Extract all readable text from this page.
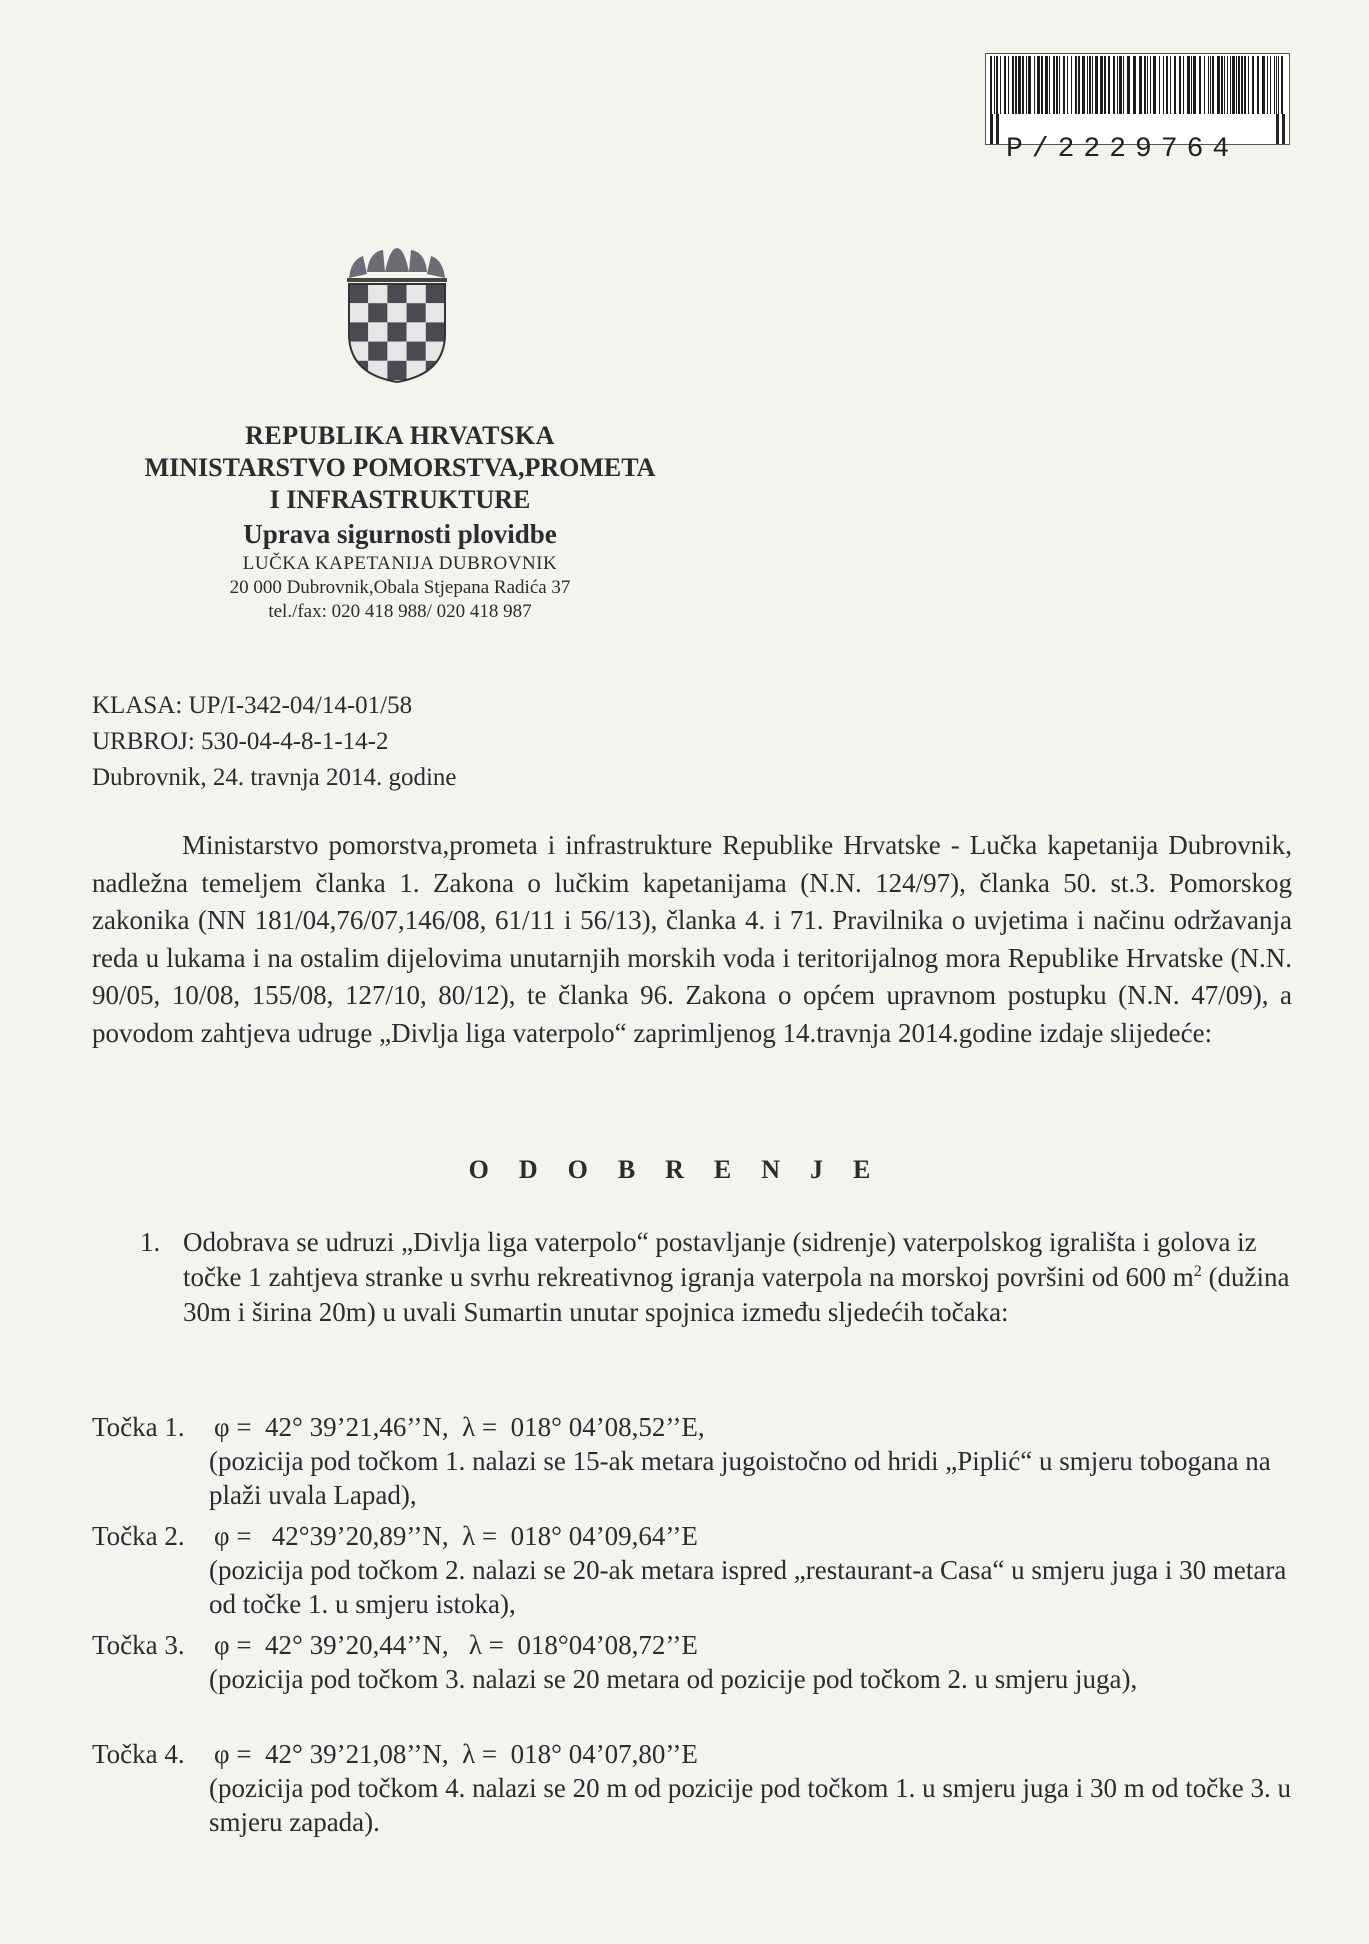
P/2229764
REPUBLIKA HRVATSKA
MINISTARSTVO POMORSTVA,PROMETA
I INFRASTRUKTURE
Uprava sigurnosti plovidbe
LUČKA KAPETANIJA DUBROVNIK
20 000 Dubrovnik,Obala Stjepana Radića 37
tel./fax: 020 418 988/ 020 418 987
KLASA: UP/I-342-04/14-01/58
URBROJ: 530-04-4-8-1-14-2
Dubrovnik, 24. travnja 2014. godine
Ministarstvo pomorstva,prometa i infrastrukture Republike Hrvatske - Lučka kapetanija Dubrovnik, nadležna temeljem članka 1. Zakona o lučkim kapetanijama (N.N. 124/97), članka 50. st.3. Pomorskog zakonika (NN 181/04,76/07,146/08, 61/11 i 56/13), članka 4. i 71. Pravilnika o uvjetima i načinu održavanja reda u lukama i na ostalim dijelovima unutarnjih morskih voda i teritorijalnog mora Republike Hrvatske (N.N. 90/05, 10/08, 155/08, 127/10, 80/12), te članka 96. Zakona o općem upravnom postupku (N.N. 47/09), a povodom zahtjeva udruge „Divlja liga vaterpolo“ zaprimljenog 14.travnja 2014.godine izdaje slijedeće:
ODOBRENJE
1. Odobrava se udruzi „Divlja liga vaterpolo“ postavljanje (sidrenje) vaterpolskog igrališta i golova iz točke 1 zahtjeva stranke u svrhu rekreativnog igranja vaterpola na morskoj površini od 600 $m^2$ (dužina 30m i širina 20m) u uvali Sumartin unutar spojnica između sljedećih točaka:
Točka 1. φ =  42° 39’21,46’’N,  λ =  018° 04’08,52’’E,
(pozicija pod točkom 1. nalazi se 15-ak metara jugoistočno od hridi „Piplić“ u smjeru tobogana na plaži uvala Lapad),
Točka 2. φ =   42°39’20,89’’N,  λ =  018° 04’09,64’’E
(pozicija pod točkom 2. nalazi se 20-ak metara ispred „restaurant-a Casa“ u smjeru juga i 30 metara od točke 1. u smjeru istoka),
Točka 3. φ =  42° 39’20,44’’N,   λ =  018°04’08,72’’E
(pozicija pod točkom 3. nalazi se 20 metara od pozicije pod točkom 2. u smjeru juga),
Točka 4. φ =  42° 39’21,08’’N,  λ =  018° 04’07,80’’E
(pozicija pod točkom 4. nalazi se 20 m od pozicije pod točkom 1. u smjeru juga i 30 m od točke 3. u smjeru zapada).
